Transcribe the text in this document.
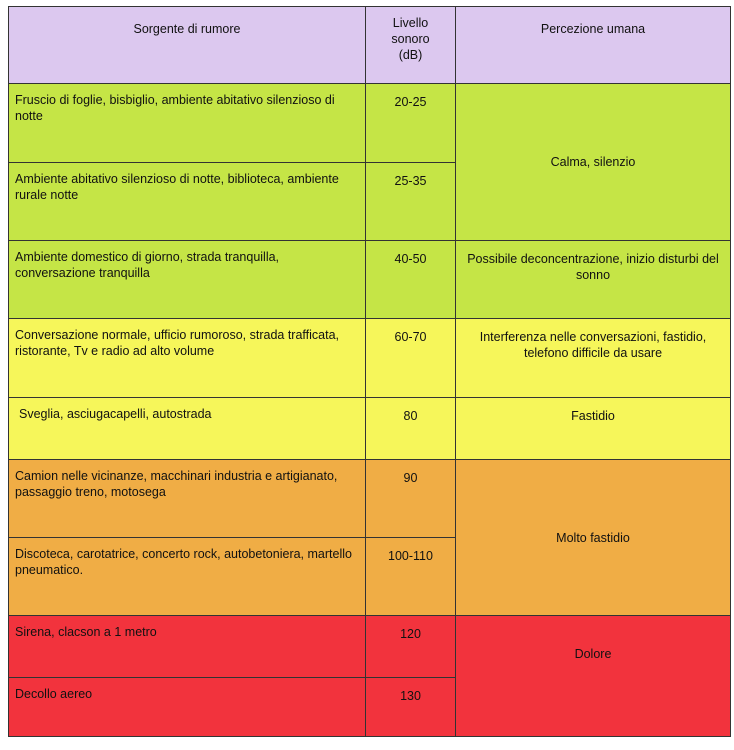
Sorgente di rumore	Livello sonoro (dB)	Percezione umana
Fruscio di foglie, bisbiglio, ambiente abitativo silenzioso di notte	20-25	Calma, silenzio
Ambiente abitativo silenzioso di notte, biblioteca, ambiente rurale notte	25-35	
Ambiente domestico di giorno, strada tranquilla, conversazione tranquilla	40-50	Possibile deconcentrazione, inizio disturbi del sonno
Conversazione normale, ufficio rumoroso, strada trafficata, ristorante, Tv e radio ad alto volume	60-70	Interferenza nelle conversazioni, fastidio, telefono difficile da usare
Sveglia, asciugacapelli, autostrada	80	Fastidio
Camion nelle vicinanze, macchinari industria e artigianato, passaggio treno, motosega	90	Molto fastidio
Discoteca, carotatrice, concerto rock, autobetoniera, martello pneumatico.	100-110	
Sirena, clacson a 1 metro	120	Dolore
Decollo aereo	130	
